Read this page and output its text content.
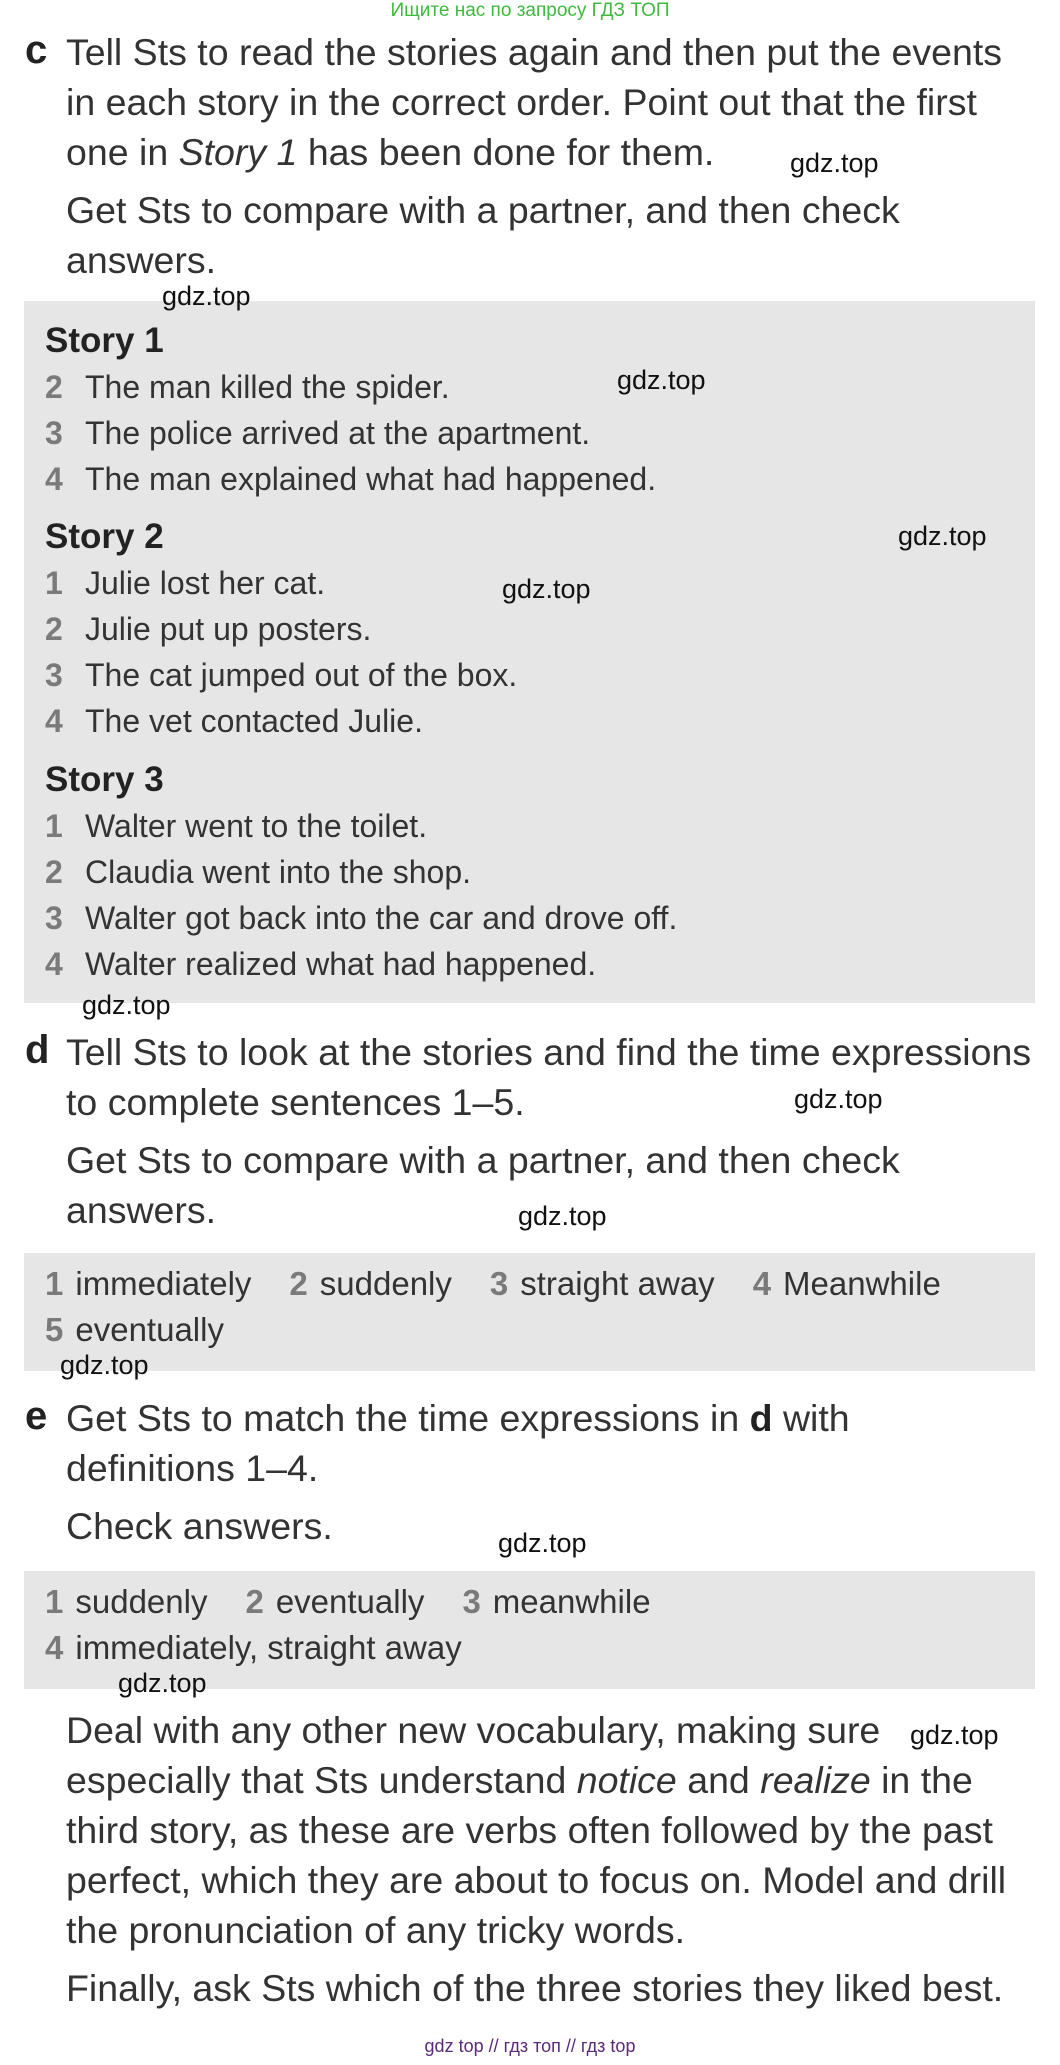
Ищите нас по запросу ГДЗ ТОП
c Tell Sts to read the stories again and then put the events
in each story in the correct order. Point out that the first
one in Story 1 has been done for them.
Get Sts to compare with a partner, and then check
answers.
Story 1
2 The man killed the spider.
3 The police arrived at the apartment.
4 The man explained what had happened.
Story 2
1 Julie lost her cat.
2 Julie put up posters.
3 The cat jumped out of the box.
4 The vet contacted Julie.
Story 3
1 Walter went to the toilet.
2 Claudia went into the shop.
3 Walter got back into the car and drove off.
4 Walter realized what had happened.
d Tell Sts to look at the stories and find the time expressions
to complete sentences 1–5.
Get Sts to compare with a partner, and then check
answers.
1 immediately 2 suddenly 3 straight away 4 Meanwhile
5 eventually
e Get Sts to match the time expressions in d with
definitions 1–4.
Check answers.
1 suddenly 2 eventually 3 meanwhile
4 immediately, straight away
Deal with any other new vocabulary, making sure
especially that Sts understand notice and realize in the
third story, as these are verbs often followed by the past
perfect, which they are about to focus on. Model and drill
the pronunciation of any tricky words.
Finally, ask Sts which of the three stories they liked best.
gdz.top
gdz.top
gdz.top
gdz.top
gdz.top
gdz.top
gdz.top
gdz.top
gdz.top
gdz.top
gdz.top
gdz.top
gdz top // гдз топ // гдз top
